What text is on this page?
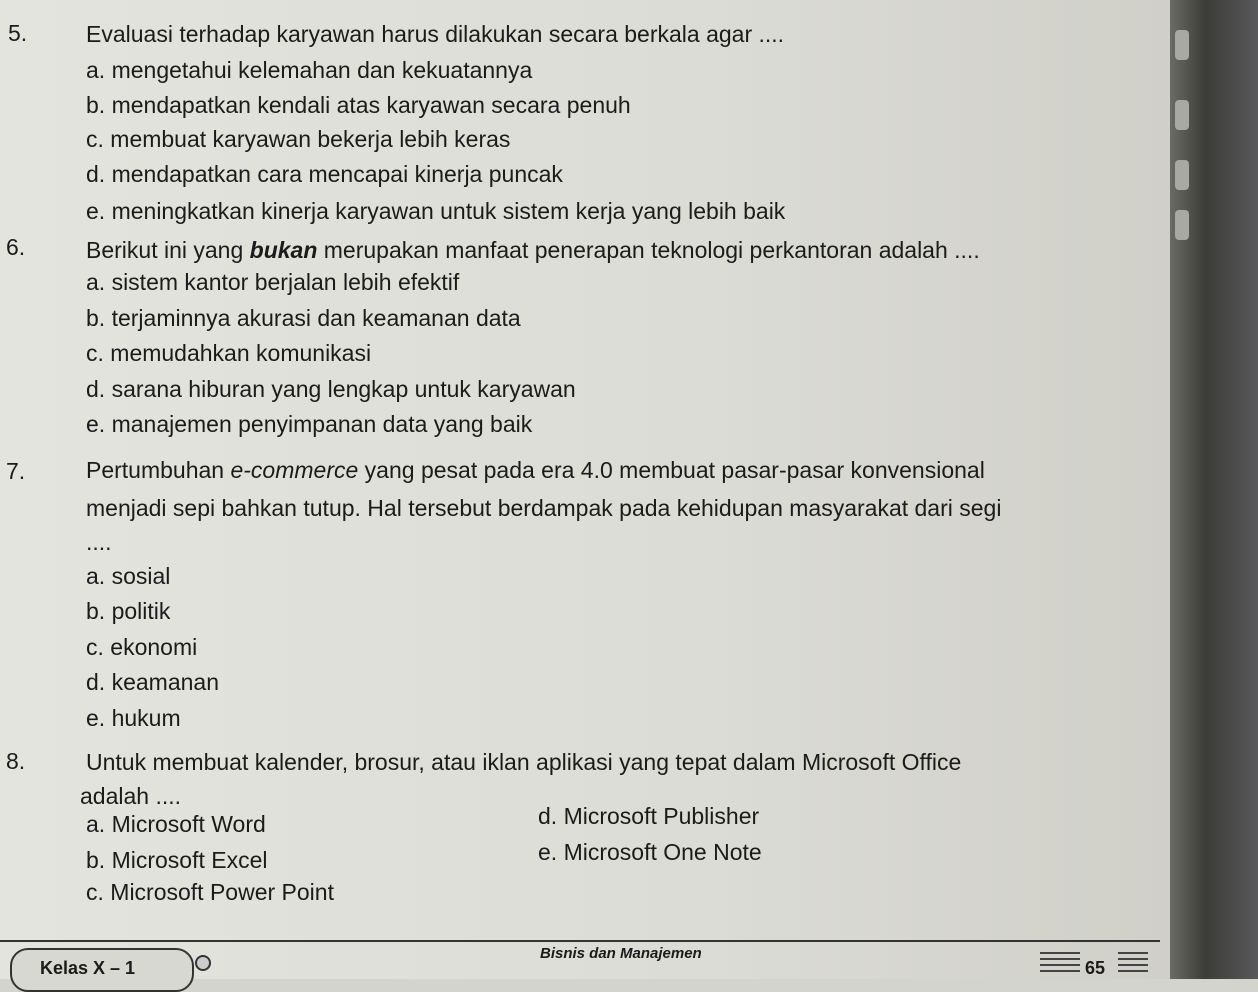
5.	Evaluasi terhadap karyawan harus dilakukan secara berkala agar ....
a. mengetahui kelemahan dan kekuatannya
b. mendapatkan kendali atas karyawan secara penuh
c. membuat karyawan bekerja lebih keras
d. mendapatkan cara mencapai kinerja puncak
e. meningkatkan kinerja karyawan untuk sistem kerja yang lebih baik
6.	Berikut ini yang bukan merupakan manfaat penerapan teknologi perkantoran adalah ....
a. sistem kantor berjalan lebih efektif
b. terjaminnya akurasi dan keamanan data
c. memudahkan komunikasi
d. sarana hiburan yang lengkap untuk karyawan
e. manajemen penyimpanan data yang baik
7.	Pertumbuhan e-commerce yang pesat pada era 4.0 membuat pasar-pasar konvensional
menjadi sepi bahkan tutup. Hal tersebut berdampak pada kehidupan masyarakat dari segi
....
a. sosial
b. politik
c. ekonomi
d. keamanan
e. hukum
8.	Untuk membuat kalender, brosur, atau iklan aplikasi yang tepat dalam Microsoft Office
adalah ....
a. Microsoft Word
b. Microsoft Excel
c. Microsoft Power Point
d. Microsoft Publisher
e. Microsoft One Note
Kelas X – 1
Bisnis dan Manajemen
65
